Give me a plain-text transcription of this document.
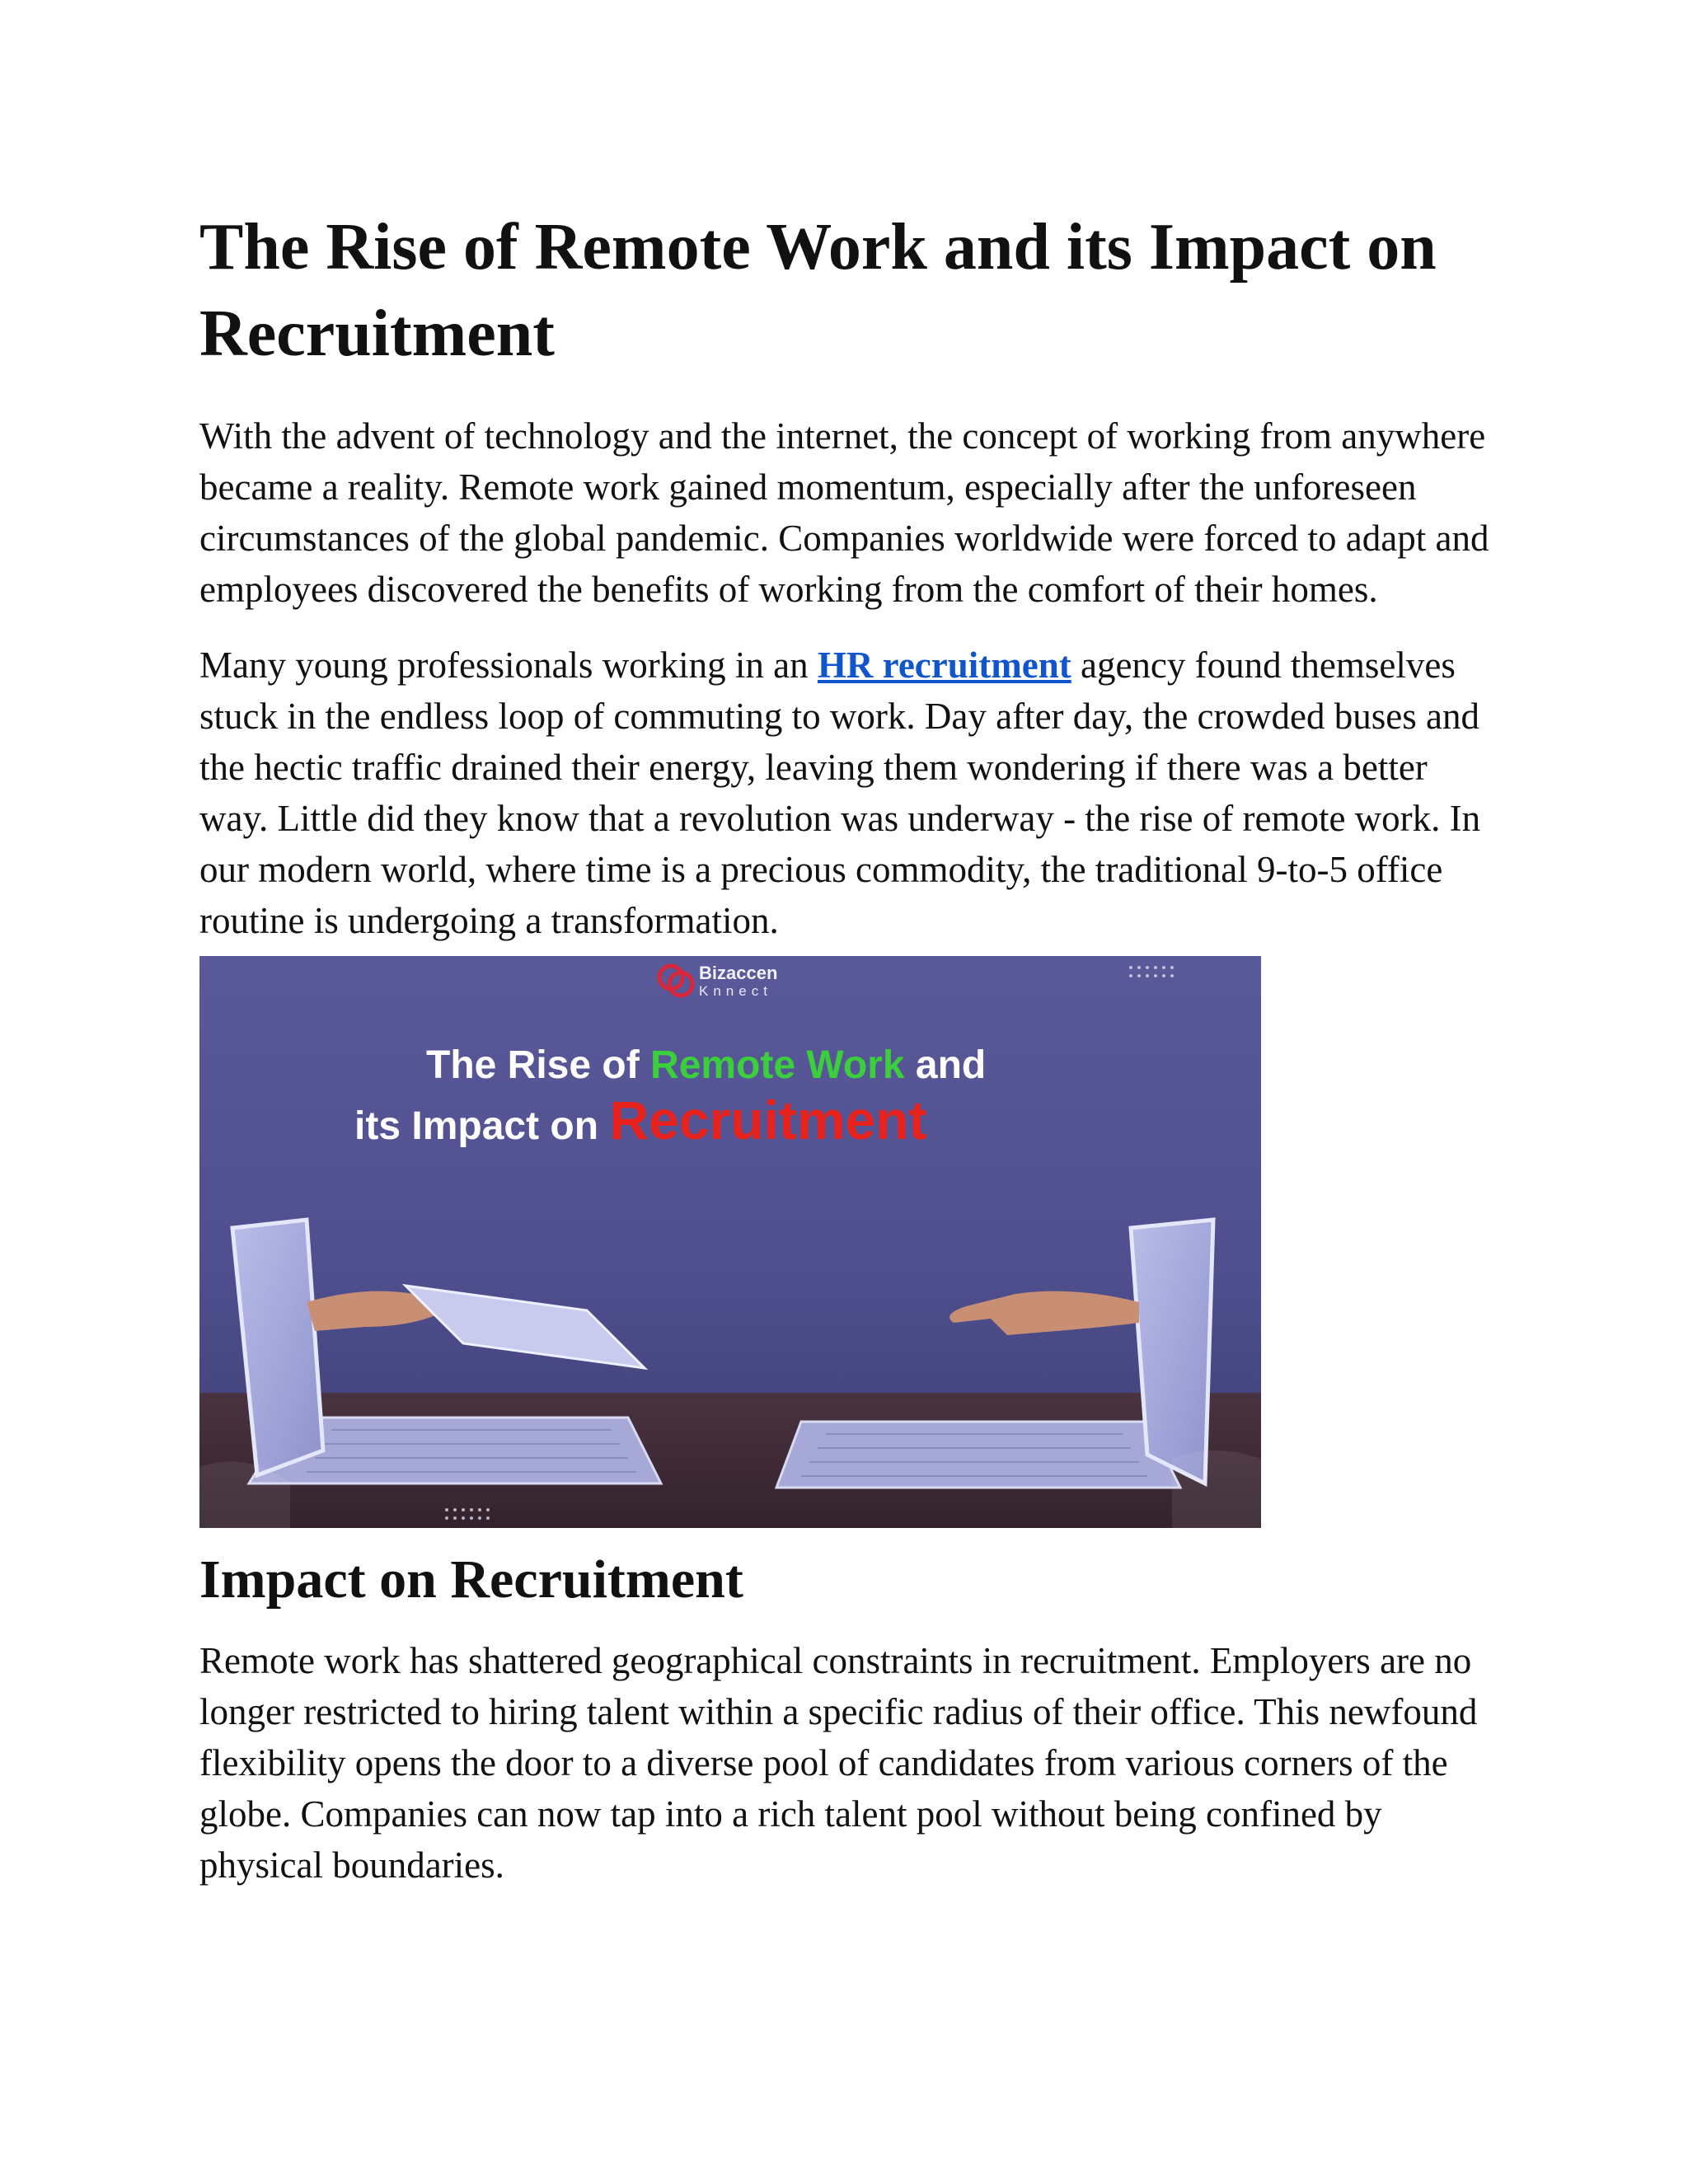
The Rise of Remote Work and its Impact on Recruitment

With the advent of technology and the internet, the concept of working from anywhere became a reality. Remote work gained momentum, especially after the unforeseen circumstances of the global pandemic. Companies worldwide were forced to adapt and employees discovered the benefits of working from the comfort of their homes.

Many young professionals working in an HR recruitment agency found themselves stuck in the endless loop of commuting to work. Day after day, the crowded buses and the hectic traffic drained their energy, leaving them wondering if there was a better way. Little did they know that a revolution was underway - the rise of remote work. In our modern world, where time is a precious commodity, the traditional 9-to-5 office routine is undergoing a transformation.

Bizaccen
Knnect
The Rise of Remote Work and
its Impact on Recruitment
Impact on Recruitment

Remote work has shattered geographical constraints in recruitment. Employers are no longer restricted to hiring talent within a specific radius of their office. This newfound flexibility opens the door to a diverse pool of candidates from various corners of the globe. Companies can now tap into a rich talent pool without being confined by physical boundaries.
